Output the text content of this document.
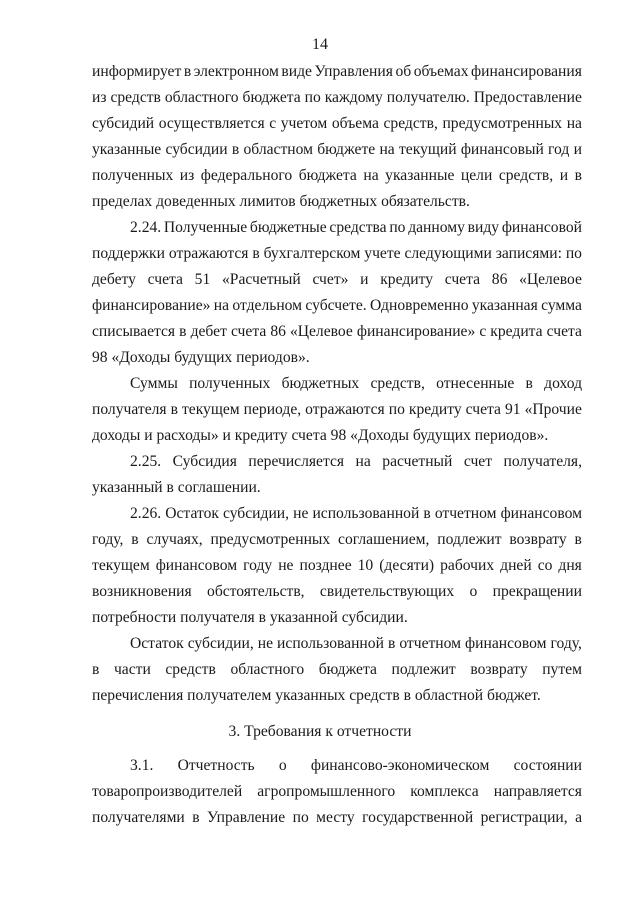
14
информирует в электронном виде Управления об объемах финансирования
из средств областного бюджета по каждому получателю. Предоставление
субсидий осуществляется с учетом объема средств, предусмотренных на
указанные субсидии в областном бюджете на текущий финансовый год и
полученных из федерального бюджета на указанные цели средств, и в
пределах доведенных лимитов бюджетных обязательств.
2.24. Полученные бюджетные средства по данному виду финансовой
поддержки отражаются в бухгалтерском учете следующими записями: по
дебету счета 51 «Расчетный счет» и кредиту счета 86 «Целевое
финансирование» на отдельном субсчете. Одновременно указанная сумма
списывается в дебет счета 86 «Целевое финансирование» с кредита счета
98 «Доходы будущих периодов».
Суммы полученных бюджетных средств, отнесенные в доход
получателя в текущем периоде, отражаются по кредиту счета 91 «Прочие
доходы и расходы» и кредиту счета 98 «Доходы будущих периодов».
2.25. Субсидия перечисляется на расчетный счет получателя,
указанный в соглашении.
2.26. Остаток субсидии, не использованной в отчетном финансовом
году, в случаях, предусмотренных соглашением, подлежит возврату в
текущем финансовом году не позднее 10 (десяти) рабочих дней со дня
возникновения обстоятельств, свидетельствующих о прекращении
потребности получателя в указанной субсидии.
Остаток субсидии, не использованной в отчетном финансовом году,
в части средств областного бюджета подлежит возврату путем
перечисления получателем указанных средств в областной бюджет.
3. Требования к отчетности
3.1. Отчетность о финансово-экономическом состоянии
товаропроизводителей агропромышленного комплекса направляется
получателями в Управление по месту государственной регистрации, а
